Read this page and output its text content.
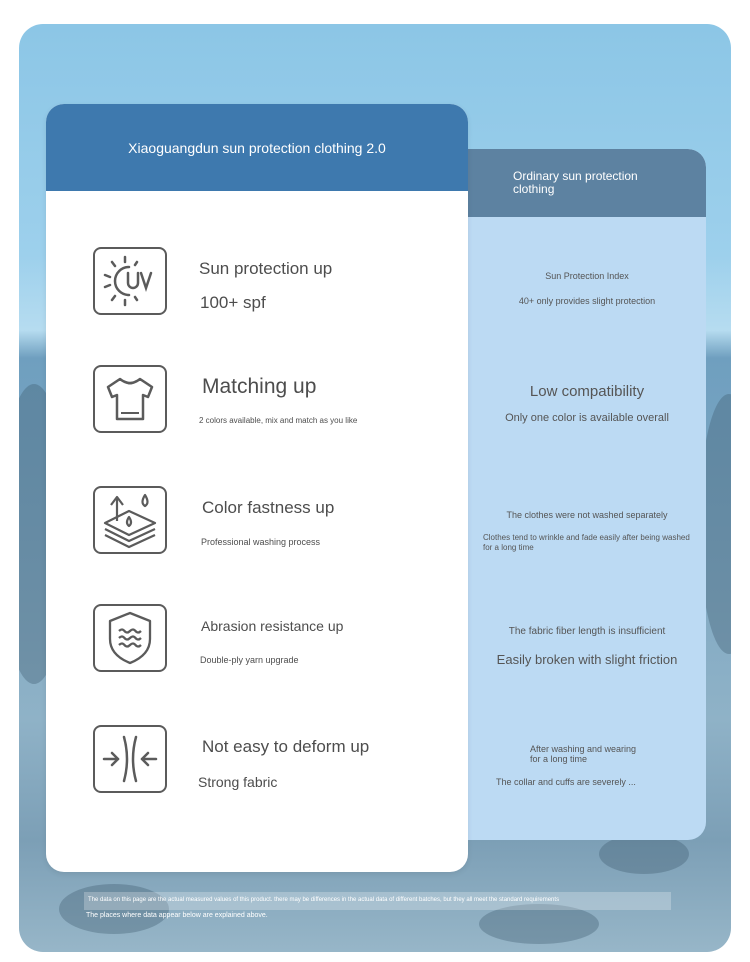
Ordinary sun protection clothing
Sun Protection Index
40+ only provides slight protection
Low compatibility
Only one color is available overall
The clothes were not washed separately
Clothes tend to wrinkle and fade easily after being washed for a long time
The fabric fiber length is insufficient
Easily broken with slight friction
After washing and wearing for a long time
The collar and cuffs are severely ...
Xiaoguangdun sun protection clothing 2.0
Sun protection up
100+ spf
Matching up
2 colors available, mix and match as you like
Color fastness up
Professional washing process
Abrasion resistance up
Double-ply yarn upgrade
Not easy to deform up
Strong fabric
The data on this page are the actual measured values of this product. there may be differences in the actual data of different batches, but they all meet the standard requirements
The places where data appear below are explained above.
